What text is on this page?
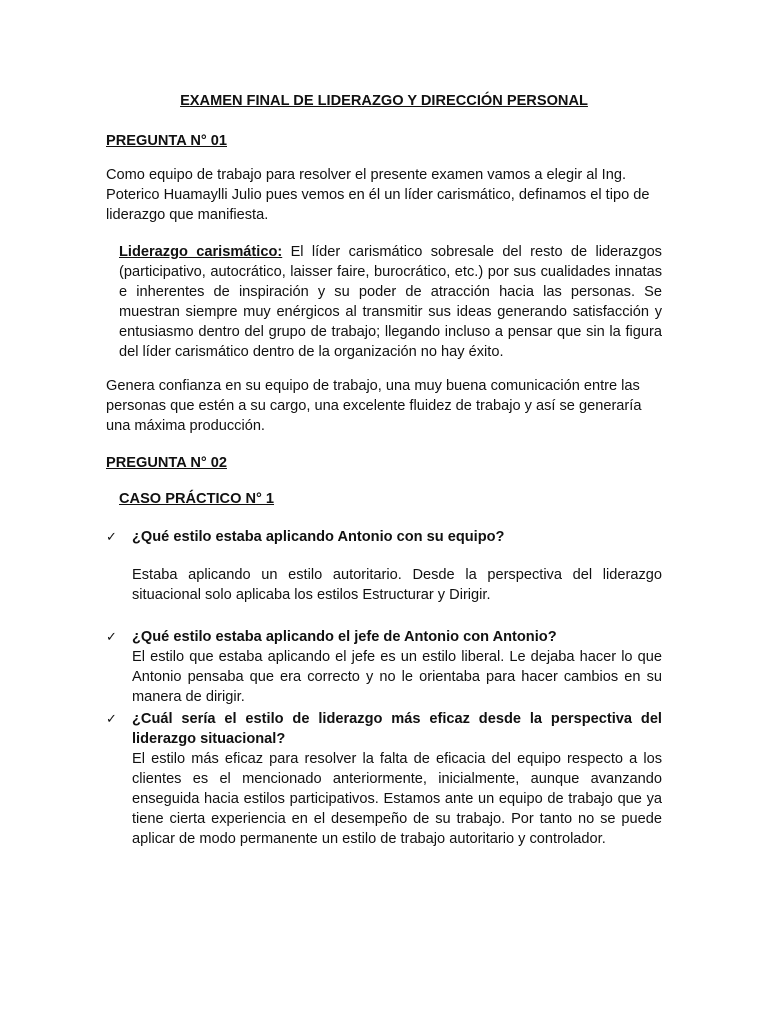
EXAMEN FINAL DE LIDERAZGO Y DIRECCIÓN PERSONAL

PREGUNTA N° 01

Como equipo de trabajo para resolver el presente examen vamos a elegir al Ing. Poterico Huamaylli Julio pues vemos en él un líder carismático, definamos el tipo de liderazgo que manifiesta.

Liderazgo carismático: El líder carismático sobresale del resto de liderazgos (participativo, autocrático, laisser faire, burocrático, etc.) por sus cualidades innatas e inherentes de inspiración y su poder de atracción hacia las personas. Se muestran siempre muy enérgicos al transmitir sus ideas generando satisfacción y entusiasmo dentro del grupo de trabajo; llegando incluso a pensar que sin la figura del líder carismático dentro de la organización no hay éxito.

Genera confianza en su equipo de trabajo, una muy buena comunicación entre las personas que estén a su cargo, una excelente fluidez de trabajo y así se generaría una máxima producción.

PREGUNTA N° 02

CASO PRÁCTICO N° 1

✓	¿Qué estilo estaba aplicando Antonio con su equipo?

Estaba aplicando un estilo autoritario. Desde la perspectiva del liderazgo situacional solo aplicaba los estilos Estructurar y Dirigir.

✓	¿Qué estilo estaba aplicando el jefe de Antonio con Antonio?

El estilo que estaba aplicando el jefe es un estilo liberal. Le dejaba hacer lo que Antonio pensaba que era correcto y no le orientaba para hacer cambios en su manera de dirigir.

✓	¿Cuál sería el estilo de liderazgo más eficaz desde la perspectiva del liderazgo situacional?

El estilo más eficaz para resolver la falta de eficacia del equipo respecto a los clientes es el mencionado anteriormente, inicialmente, aunque avanzando enseguida hacia estilos participativos. Estamos ante un equipo de trabajo que ya tiene cierta experiencia en el desempeño de su trabajo. Por tanto no se puede aplicar de modo permanente un estilo de trabajo autoritario y controlador.
